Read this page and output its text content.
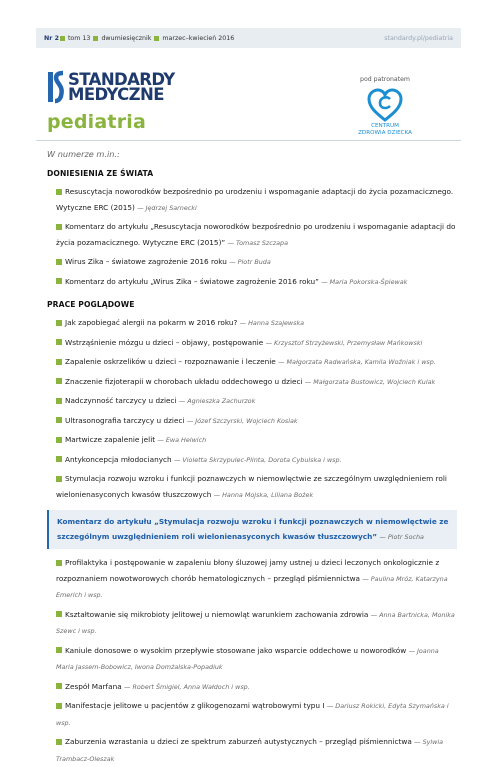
Nr 2 tom 13 dwumiesięcznik marzec–kwiecień 2016	standardy.pl/pediatria
STANDARDY
MEDYCZNE
pediatria
pod patronatem
CENTRUM
ZDROWIA DZIECKA
W numerze m.in.:
DONIESIENIA ZE ŚWIATA
Resuscytacja noworodków bezpośrednio po urodzeniu i wspomaganie adaptacji do życia pozamacicznego. Wytyczne ERC (2015) — Jędrzej Sarnecki
Komentarz do artykułu „Resuscytacja noworodków bezpośrednio po urodzeniu i wspomaganie adaptacji do życia pozamacicznego. Wytyczne ERC (2015)” — Tomasz Szczapa
Wirus Zika – światowe zagrożenie 2016 roku — Piotr Buda
Komentarz do artykułu „Wirus Zika – światowe zagrożenie 2016 roku” — Maria Pokorska-Śpiewak
PRACE POGLĄDOWE
Jak zapobiegać alergii na pokarm w 2016 roku? — Hanna Szajewska
Wstrząśnienie mózgu u dzieci – objawy, postępowanie — Krzysztof Strzyżewski, Przemysław Mańkowski
Zapalenie oskrzelików u dzieci – rozpoznawanie i leczenie — Małgorzata Radwańska, Kamila Woźniak i wsp.
Znaczenie fizjoterapii w chorobach układu oddechowego u dzieci — Małgorzata Bustowicz, Wojciech Kulak
Nadczynność tarczycy u dzieci — Agnieszka Zachurzok
Ultrasonografia tarczycy u dzieci — Józef Szczyrski, Wojciech Kosiak
Martwicze zapalenie jelit — Ewa Helwich
Antykoncepcja młodocianych — Violetta Skrzypulec-Plinta, Dorota Cybulska i wsp.
Stymulacja rozwoju wzroku i funkcji poznawczych w niemowlęctwie ze szczególnym uwzględnieniem roli wielonienasyconych kwasów tłuszczowych — Hanna Mojska, Liliana Bożek
Komentarz do artykułu „Stymulacja rozwoju wzroku i funkcji poznawczych w niemowlęctwie ze szczególnym uwzględnieniem roli wielonienasyconych kwasów tłuszczowych” — Piotr Socha
Profilaktyka i postępowanie w zapaleniu błony śluzowej jamy ustnej u dzieci leczonych onkologicznie z rozpoznaniem nowotworowych chorób hematologicznych – przegląd piśmiennictwa — Paulina Mróz, Katarzyna Emerich i wsp.
Kształtowanie się mikrobioty jelitowej u niemowląt warunkiem zachowania zdrowia — Anna Bartnicka, Monika Szewc i wsp.
Kaniule donosowe o wysokim przepływie stosowane jako wsparcie oddechowe u noworodków — Joanna Maria Jassem-Bobowicz, Iwona Domżalska-Popadiuk
Zespół Marfana — Robert Śmigiel, Anna Wałdoch i wsp.
Manifestacje jelitowe u pacjentów z glikogenozami wątrobowymi typu I — Dariusz Rokicki, Edyta Szymańska i wsp.
Zaburzenia wzrastania u dzieci ze spektrum zaburzeń autystycznych – przegląd piśmiennictwa — Sylwia Trambacz-Oleszak
